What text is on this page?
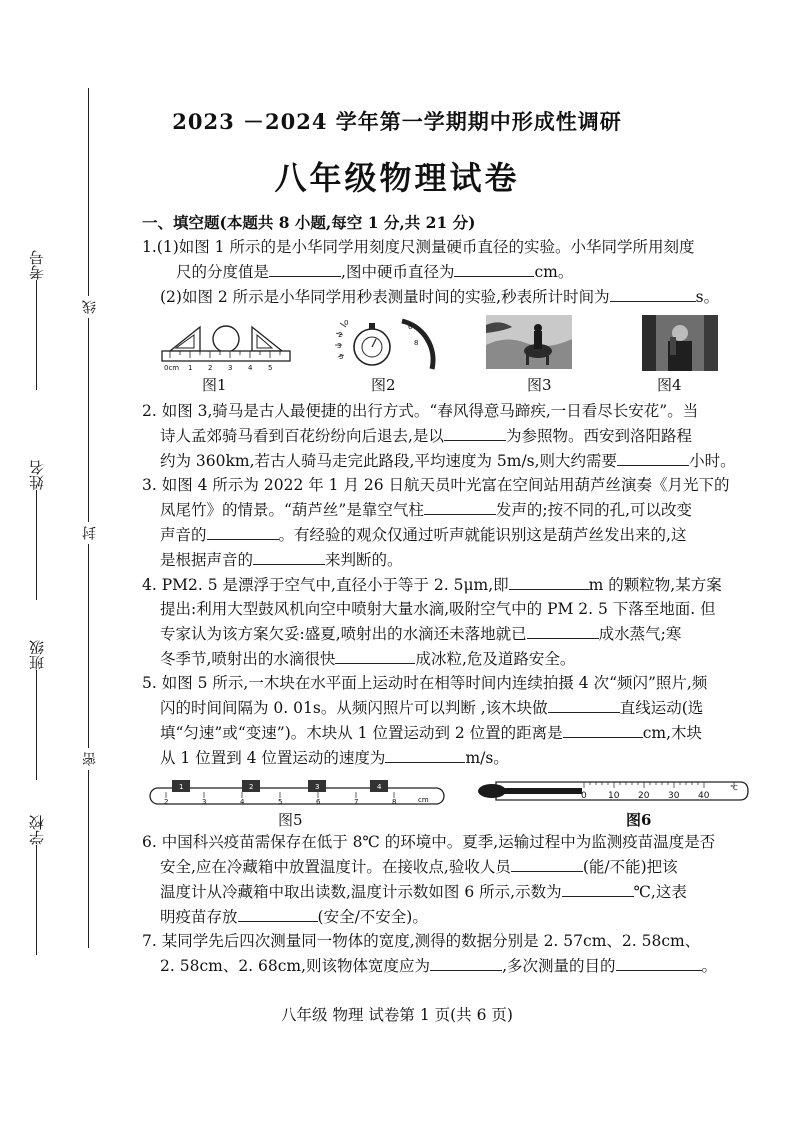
考号
姓名
班级
学校
线
封
密
2023 －2024 学年第一学期期中形成性调研
八年级物理试卷

一、填空题(本题共 8 小题,每空 1 分,共 21 分)

1.(1)如图 1 所示的是小华同学用刻度尺测量硬币直径的实验。小华同学所用刻度

尺的分度值是	,图中硬币直径为	cm。

(2)如图 2 所示是小华同学用秒表测量时间的实验,秒表所计时间为	s。

0cm 1 2 3 4 5
图1
0
2
3
5
6
8
图2	图3	图4

2. 如图 3,骑马是古人最便捷的出行方式。“春风得意马蹄疾,一日看尽长安花”。当

诗人孟郊骑马看到百花纷纷向后退去,是以	为参照物。西安到洛阳路程

约为 360km,若古人骑马走完此路段,平均速度为 5m/s,则大约需要	小时。

3. 如图 4 所示为 2022 年 1 月 26 日航天员叶光富在空间站用葫芦丝演奏《月光下的

凤尾竹》的情景。“葫芦丝”是靠空气柱	发声的;按不同的孔,可以改变

声音的	。有经验的观众仅通过听声就能识别这是葫芦丝发出来的,这

是根据声音的	来判断的。

4. PM2. 5 是漂浮于空气中,直径小于等于 2. 5μm,即	m 的颗粒物,某方案

提出:利用大型鼓风机向空中喷射大量水滴,吸附空气中的 PM 2. 5 下落至地面. 但

专家认为该方案欠妥:盛夏,喷射出的水滴还未落地就已	成水蒸气;寒

冬季节,喷射出的水滴很快	成冰粒,危及道路安全。

5. 如图 5 所示,一木块在水平面上运动时在相等时间内连续拍摄 4 次“频闪”照片,频

闪的时间间隔为 0. 01s。从频闪照片可以判断 ,该木块做	直线运动(选

填“匀速”或“变速”)。木块从 1 位置运动到 2 位置的距离是	cm,木块

从 1 位置到 4 位置运动的速度为	m/s。

1	2	3	4
2	3	4	5	6	7	8	cm
图5
0 10 20 30 40
℃
图6

6. 中国科兴疫苗需保存在低于 8℃ 的环境中。夏季,运输过程中为监测疫苗温度是否

安全,应在冷藏箱中放置温度计。在接收点,验收人员	(能/不能)把该

温度计从冷藏箱中取出读数,温度计示数如图 6 所示,示数为	℃,这表

明疫苗存放	(安全/不安全)。

7. 某同学先后四次测量同一物体的宽度,测得的数据分别是 2. 57cm、2. 58cm、

2. 58cm、2. 68cm,则该物体宽度应为	,多次测量的目的	。

八年级 物理 试卷第 1 页(共 6 页)
